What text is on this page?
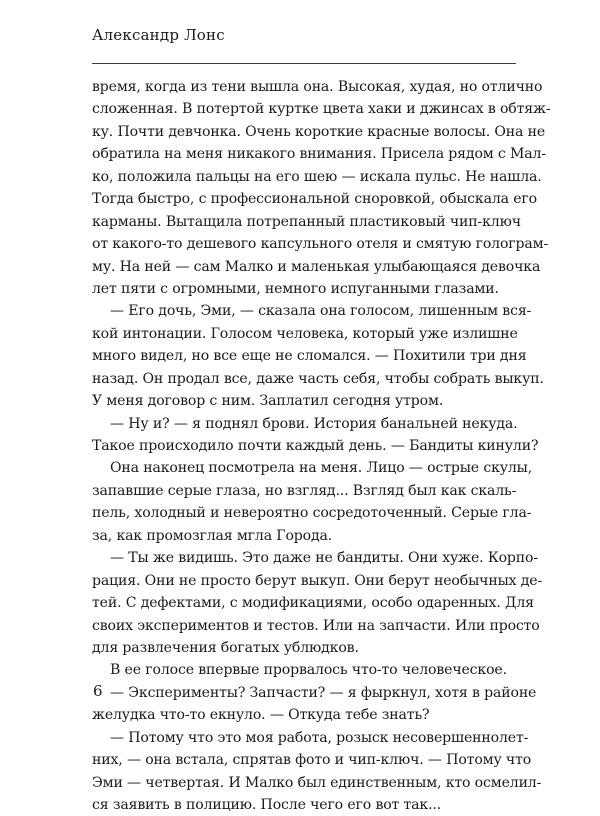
Александр Лонс
время, когда из тени вышла она. Высокая, худая, но отлично
сложенная. В потертой куртке цвета хаки и джинсах в обтяж-
ку. Почти девчонка. Очень короткие красные волосы. Она не
обратила на меня никакого внимания. Присела рядом с Мал-
ко, положила пальцы на его шею — искала пульс. Не нашла.
Тогда быстро, с профессиональной сноровкой, обыскала его
карманы. Вытащила потрепанный пластиковый чип-ключ
от какого-то дешевого капсульного отеля и смятую голограм-
му. На ней — сам Малко и маленькая улыбающаяся девочка
лет пяти с огромными, немного испуганными глазами.
— Его дочь, Эми, — сказала она голосом, лишенным вся-
кой интонации. Голосом человека, который уже излишне
много видел, но все еще не сломался. — Похитили три дня
назад. Он продал все, даже часть себя, чтобы собрать выкуп.
У меня договор с ним. Заплатил сегодня утром.
— Ну и? — я поднял брови. История банальней некуда.
Такое происходило почти каждый день. — Бандиты кинули?
Она наконец посмотрела на меня. Лицо — острые скулы,
запавшие серые глаза, но взгляд... Взгляд был как скаль-
пель, холодный и невероятно сосредоточенный. Серые гла-
за, как промозглая мгла Города.
— Ты же видишь. Это даже не бандиты. Они хуже. Корпо-
рация. Они не просто берут выкуп. Они берут необычных де-
тей. С дефектами, с модификациями, особо одаренных. Для
своих экспериментов и тестов. Или на запчасти. Или просто
для развлечения богатых ублюдков.
В ее голосе впервые прорвалось что-то человеческое.
— Эксперименты? Запчасти? — я фыркнул, хотя в районе
желудка что-то екнуло. — Откуда тебе знать?
— Потому что это моя работа, розыск несовершеннолет-
них, — она встала, спрятав фото и чип-ключ. — Потому что
Эми — четвертая. И Малко был единственным, кто осмелил-
ся заявить в полицию. После чего его вот так...
6
